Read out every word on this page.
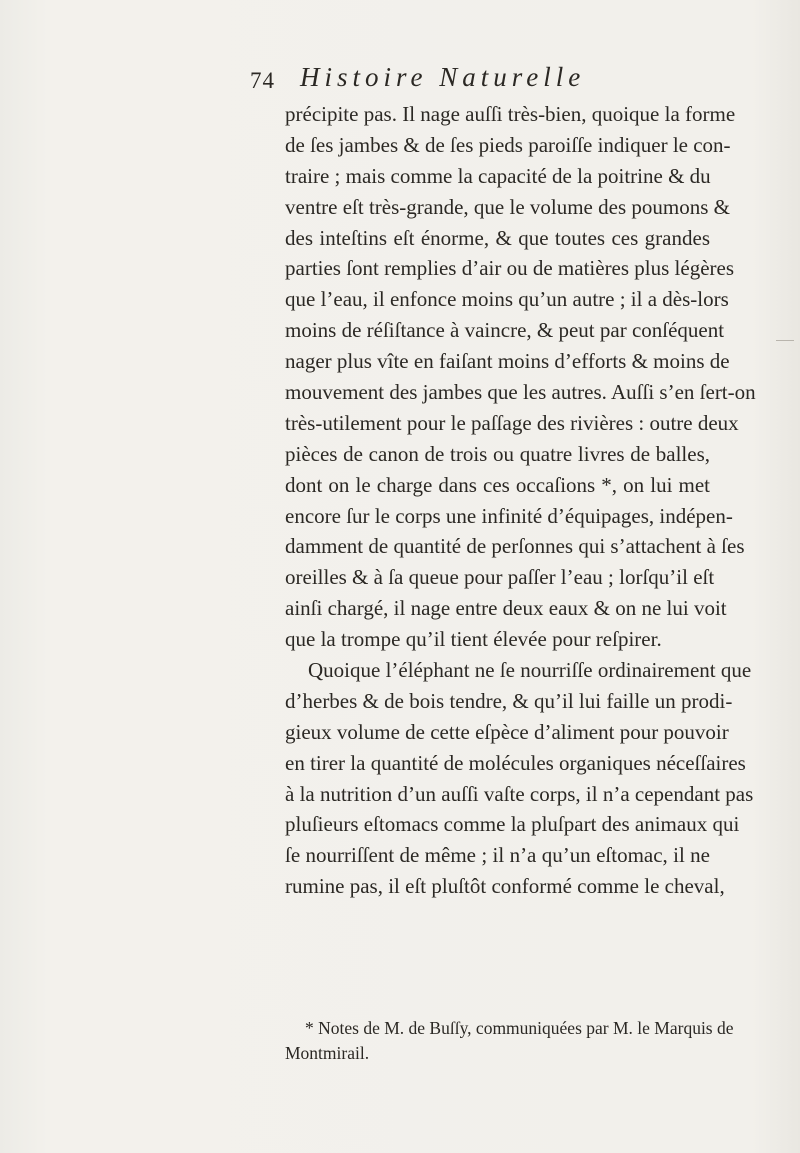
74 Histoire Naturelle
précipite pas. Il nage auſſi très-bien, quoique la forme
de ſes jambes & de ſes pieds paroiſſe indiquer le con-
traire ; mais comme la capacité de la poitrine & du
ventre eſt très-grande, que le volume des poumons &
des inteſtins eſt énorme, & que toutes ces grandes
parties ſont remplies d’air ou de matières plus légères
que l’eau, il enfonce moins qu’un autre ; il a dès-lors
moins de réſiſtance à vaincre, & peut par conſéquent
nager plus vîte en faiſant moins d’efforts & moins de
mouvement des jambes que les autres. Auſſi s’en ſert-on
très-utilement pour le paſſage des rivières : outre deux
pièces de canon de trois ou quatre livres de balles,
dont on le charge dans ces occaſions *, on lui met
encore ſur le corps une infinité d’équipages, indépen-
damment de quantité de perſonnes qui s’attachent à ſes
oreilles & à ſa queue pour paſſer l’eau ; lorſqu’il eſt
ainſi chargé, il nage entre deux eaux & on ne lui voit
que la trompe qu’il tient élevée pour reſpirer.
Quoique l’éléphant ne ſe nourriſſe ordinairement que
d’herbes & de bois tendre, & qu’il lui faille un prodi-
gieux volume de cette eſpèce d’aliment pour pouvoir
en tirer la quantité de molécules organiques néceſſaires
à la nutrition d’un auſſi vaſte corps, il n’a cependant pas
pluſieurs eſtomacs comme la pluſpart des animaux qui
ſe nourriſſent de même ; il n’a qu’un eſtomac, il ne
rumine pas, il eſt pluſtôt conformé comme le cheval,
* Notes de M. de Buſſy, communiquées par M. le Marquis de
Montmirail.
